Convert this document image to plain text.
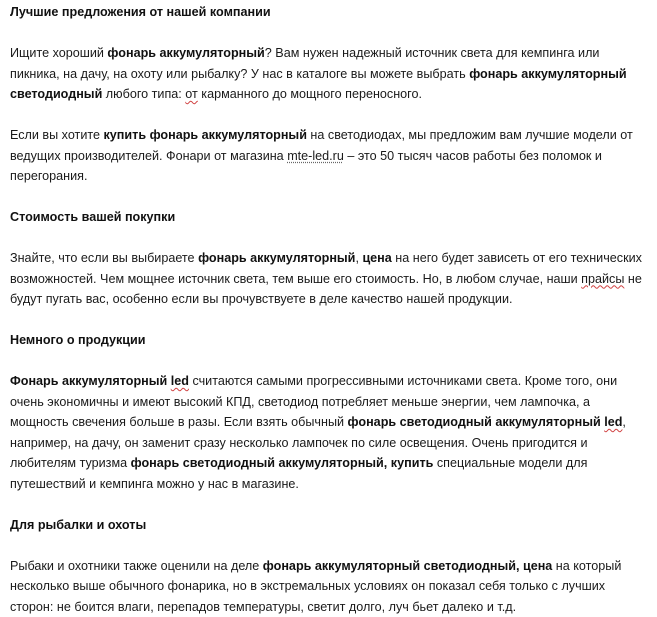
Лучшие предложения от нашей компании

Ищите хороший фонарь аккумуляторный? Вам нужен надежный источник света для кемпинга или пикника, на дачу, на охоту или рыбалку? У нас в каталоге вы можете выбрать фонарь аккумуляторный светодиодный любого типа: от карманного до мощного переносного.

Если вы хотите купить фонарь аккумуляторный на светодиодах, мы предложим вам лучшие модели от ведущих производителей. Фонари от магазина mte-led.ru – это 50 тысяч часов работы без поломок и перегорания.

Стоимость вашей покупки

Знайте, что если вы выбираете фонарь аккумуляторный, цена на него будет зависеть от его технических возможностей. Чем мощнее источник света, тем выше его стоимость. Но, в любом случае, наши прайсы не будут пугать вас, особенно если вы прочувствуете в деле качество нашей продукции.

Немного о продукции

Фонарь аккумуляторный led считаются самыми прогрессивными источниками света. Кроме того, они очень экономичны и имеют высокий КПД, светодиод потребляет меньше энергии, чем лампочка, а мощность свечения больше в разы. Если взять обычный фонарь светодиодный аккумуляторный led, например, на дачу, он заменит сразу несколько лампочек по силе освещения. Очень пригодится и любителям туризма фонарь светодиодный аккумуляторный, купить специальные модели для путешествий и кемпинга можно у нас в магазине.

Для рыбалки и охоты

Рыбаки и охотники также оценили на деле фонарь аккумуляторный светодиодный, цена на который несколько выше обычного фонарика, но в экстремальных условиях он показал себя только с лучших сторон: не боится влаги, перепадов температуры, светит долго, луч бьет далеко и т.д.
